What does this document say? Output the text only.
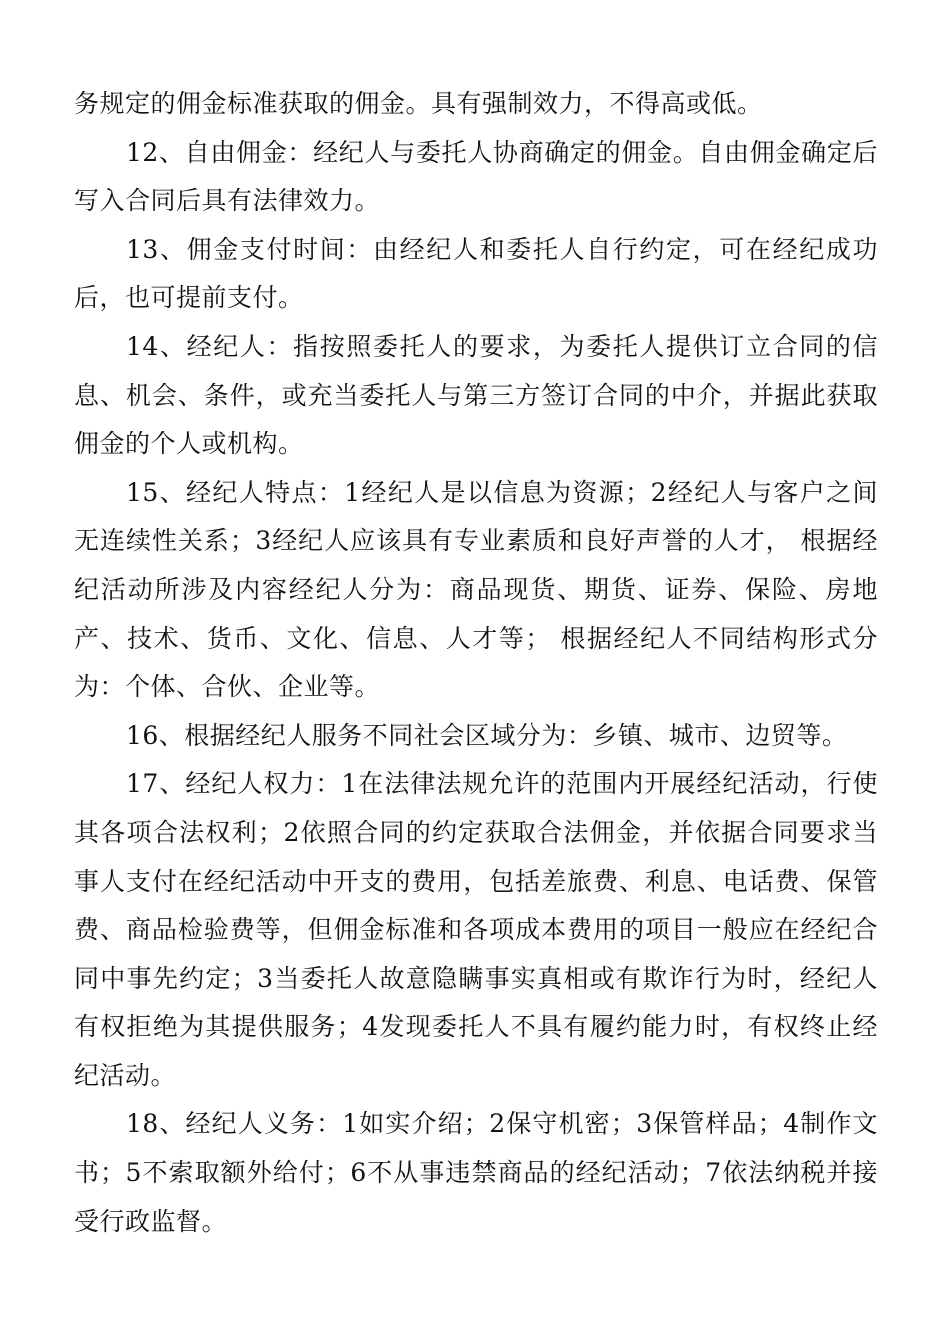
务规定的佣金标准获取的佣金。具有强制效力，不得高或低。

12、自由佣金：经纪人与委托人协商确定的佣金。自由佣金确定后写入合同后具有法律效力。

13、佣金支付时间：由经纪人和委托人自行约定，可在经纪成功后，也可提前支付。

14、经纪人：指按照委托人的要求，为委托人提供订立合同的信息、机会、条件，或充当委托人与第三方签订合同的中介，并据此获取佣金的个人或机构。

15、经纪人特点：1经纪人是以信息为资源；2经纪人与客户之间无连续性关系；3经纪人应该具有专业素质和良好声誉的人才， 根据经纪活动所涉及内容经纪人分为：商品现货、期货、证券、保险、房地产、技术、货币、文化、信息、人才等； 根据经纪人不同结构形式分为：个体、合伙、企业等。

16、根据经纪人服务不同社会区域分为：乡镇、城市、边贸等。

17、经纪人权力：1在法律法规允许的范围内开展经纪活动，行使其各项合法权利；2依照合同的约定获取合法佣金，并依据合同要求当事人支付在经纪活动中开支的费用，包括差旅费、利息、电话费、保管费、商品检验费等，但佣金标准和各项成本费用的项目一般应在经纪合同中事先约定；3当委托人故意隐瞒事实真相或有欺诈行为时，经纪人有权拒绝为其提供服务；4发现委托人不具有履约能力时，有权终止经纪活动。

18、经纪人义务：1如实介绍；2保守机密；3保管样品；4制作文书；5不索取额外给付；6不从事违禁商品的经纪活动；7依法纳税并接受行政监督。
